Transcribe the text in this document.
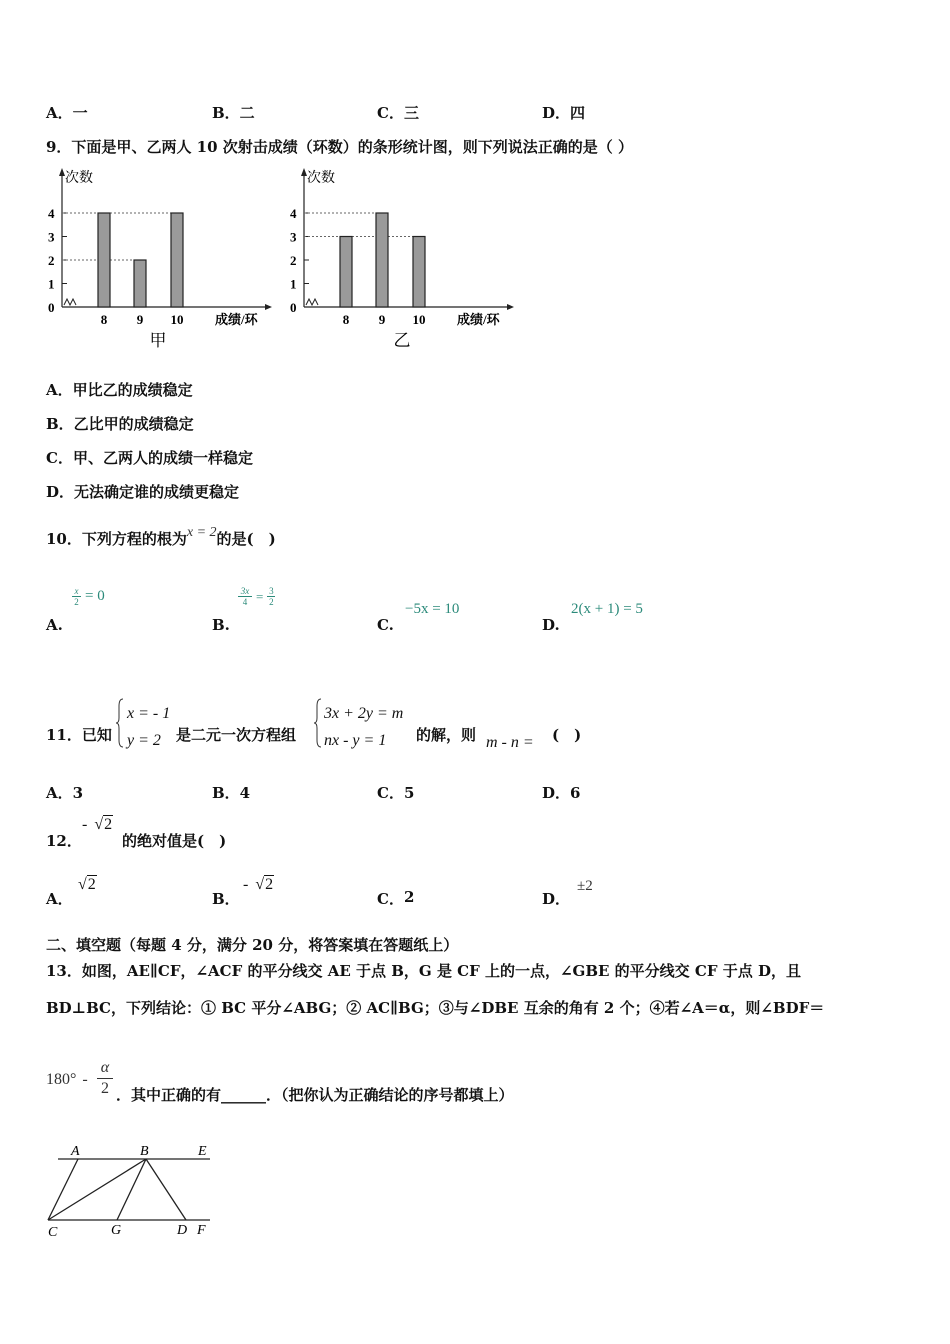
A．一	B．二	C．三	D．四
9．下面是甲、乙两人 10 次射击成绩（环数）的条形统计图，则下列说法正确的是（ ）
次数
0
1
2
3
4
8 9 10 成绩/环
甲
次数
0
1
2
3
4
8 9 10 成绩/环
乙
A．甲比乙的成绩稳定
B．乙比甲的成绩稳定
C．甲、乙两人的成绩一样稳定
D．无法确定谁的成绩更稳定
10．下列方程的根为x = 2的是(　)
A.
x
2 = 0
B.
3x
4 = 3
2
C.
−5x = 10
D.
2(x + 1) = 5
11．已知
x = - 1
y = 2	是二元一次方程组
3x + 2y = m
nx - y = 1	的解，则 m - n = (　)
A．3	B．4	C．5	D．6
12．
- √2
的绝对值是(　)
A．
√2
B．
- √2
C． 2	D．
±2
二、填空题（每题 4 分，满分 20 分，将答案填在答题纸上）
13．如图，AE∥CF，∠ACF 的平分线交 AE 于点 B，G 是 CF 上的一点，∠GBE 的平分线交 CF 于点 D，且
BD⊥BC，下列结论：① BC 平分∠ABG；② AC∥BG；③与∠DBE 互余的角有 2 个；④若∠A＝α，则∠BDF＝
180° -
α
2 ．其中正确的有______．（把你认为正确结论的序号都填上）
A	B	E
C	G	D F
